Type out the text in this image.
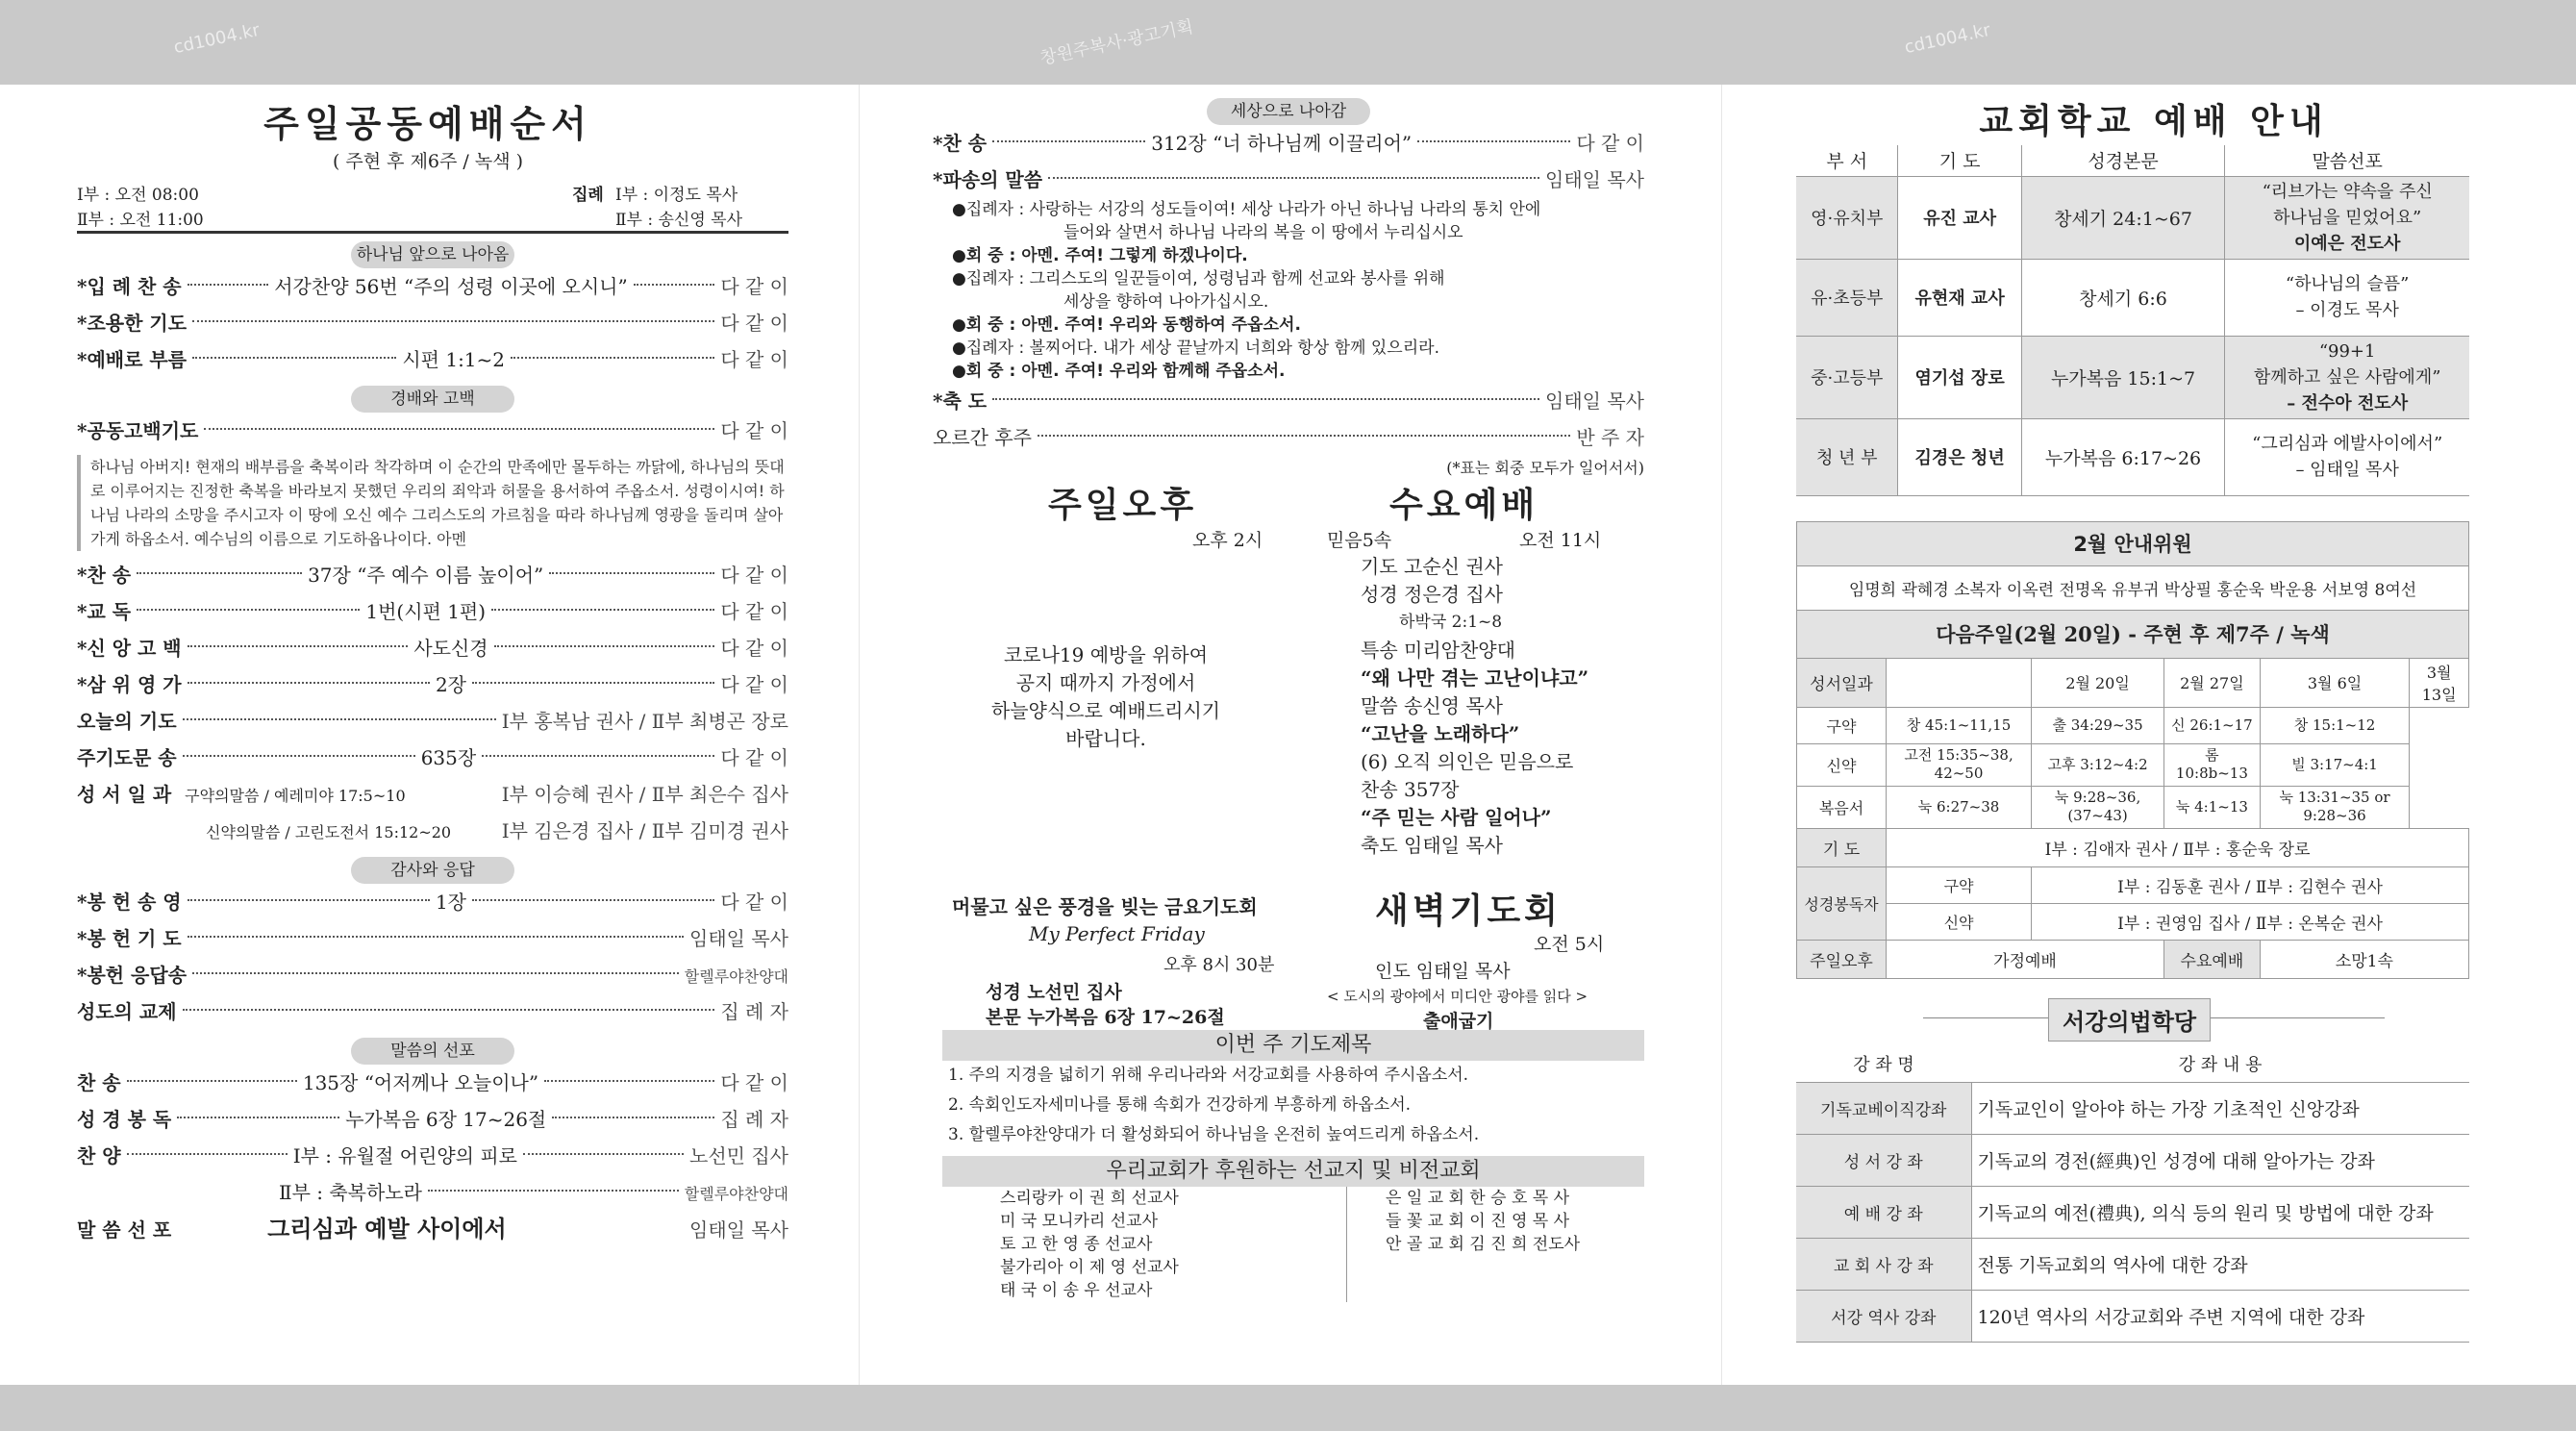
cd1004.kr	창원주복사·광고기획	cd1004.kr
주일공동예배순서
( 주현 후 제6주 / 녹색 )
Ⅰ부 : 오전 08:00
Ⅱ부 : 오전 11:00
집례 Ⅰ부 : 이정도 목사
Ⅱ부 : 송신영 목사
하나님 앞으로 나아옴
*입 례 찬 송	서강찬양 56번 “주의 성령 이곳에 오시니”	다 같 이
*조용한 기도	다 같 이
*예배로 부름	시편 1:1~2	다 같 이
경배와 고백
*공동고백기도	다 같 이
하나님 아버지! 현재의 배부름을 축복이라 착각하며 이 순간의 만족에만 몰두하는 까닭에, 하나님의 뜻대로 이루어지는 진정한 축복을 바라보지 못했던 우리의 죄악과 허물을 용서하여 주옵소서. 성령이시여! 하나님 나라의 소망을 주시고자 이 땅에 오신 예수 그리스도의 가르침을 따라 하나님께 영광을 돌리며 살아가게 하옵소서. 예수님의 이름으로 기도하옵나이다. 아멘
*찬 송	37장 “주 예수 이름 높이어”	다 같 이
*교 독	1번(시편 1편)	다 같 이
*신 앙 고 백	사도신경	다 같 이
*삼 위 영 가	2장	다 같 이
오늘의 기도	Ⅰ부 홍복남 권사 / Ⅱ부 최병곤 장로
주기도문 송	635장	다 같 이
성 서 일 과 구약의말씀 / 예레미야 17:5~10	Ⅰ부 이승혜 권사 / Ⅱ부 최은수 집사
신약의말씀 / 고린도전서 15:12~20	Ⅰ부 김은경 집사 / Ⅱ부 김미경 권사
감사와 응답
*봉 헌 송 영	1장	다 같 이
*봉 헌 기 도	임태일 목사
*봉헌 응답송	할렐루야찬양대
성도의 교제	집 례 자
말씀의 선포
찬 송	135장 “어저께나 오늘이나”	다 같 이
성 경 봉 독	누가복음 6장 17~26절	집 례 자
찬 양	Ⅰ부 : 유월절 어린양의 피로	노선민 집사
Ⅱ부 : 축복하노라	할렐루야찬양대
말 씀 선 포	그리심과 예발 사이에서	임태일 목사
세상으로 나아감
*찬 송	312장 “너 하나님께 이끌리어”	다 같 이
*파송의 말씀	임태일 목사
●집례자 : 사랑하는 서강의 성도들이여! 세상 나라가 아닌 하나님 나라의 통치 안에
들어와 살면서 하나님 나라의 복을 이 땅에서 누리십시오
●회 중 : 아멘. 주여! 그렇게 하겠나이다.
●집례자 : 그리스도의 일꾼들이여, 성령님과 함께 선교와 봉사를 위해
세상을 향하여 나아가십시오.
●회 중 : 아멘. 주여! 우리와 동행하여 주옵소서.
●집례자 : 볼찌어다. 내가 세상 끝날까지 너희와 항상 함께 있으리라.
●회 중 : 아멘. 주여! 우리와 함께해 주옵소서.
*축 도	임태일 목사
오르간 후주	반 주 자
(*표는 회중 모두가 일어서서)
주일오후
오후 2시
코로나19 예방을 위하여
공지 때까지 가정에서
하늘양식으로 예배드리시기
바랍니다.
수요예배
믿음5속	오전 11시
기도 고순신 권사
성경 정은경 집사
하박국 2:1~8
특송 미리암찬양대
“왜 나만 겪는 고난이냐고”
말씀 송신영 목사
“고난을 노래하다”
(6) 오직 의인은 믿음으로
찬송 357장
“주 믿는 사람 일어나”
축도 임태일 목사
머물고 싶은 풍경을 빚는 금요기도회
My Perfect Friday
오후 8시 30분
성경 노선민 집사
본문 누가복음 6장 17~26절
새벽기도회
오전 5시
인도 임태일 목사
< 도시의 광야에서 미디안 광야를 읽다 >
출애굽기
이번 주 기도제목
1. 주의 지경을 넓히기 위해 우리나라와 서강교회를 사용하여 주시옵소서.
2. 속회인도자세미나를 통해 속회가 건강하게 부흥하게 하옵소서.
3. 할렐루야찬양대가 더 활성화되어 하나님을 온전히 높여드리게 하옵소서.
우리교회가 후원하는 선교지 및 비전교회
스리랑카 이 권 희 선교사
미 국 모니카리 선교사
토 고 한 영 종 선교사
불가리아 이 제 영 선교사
태 국 이 송 우 선교사
은 일 교 회 한 승 호 목 사
들 꽃 교 회 이 진 영 목 사
안 골 교 회 김 진 희 전도사
교회학교 예배 안내
부 서	기 도	성경본문	말씀선포
영·유치부	유진 교사	창세기 24:1~67	“리브가는 약속을 주신
하나님을 믿었어요”
이예은 전도사

유·초등부	유현재 교사	창세기 6:6	“하나님의 슬픔”
– 이경도 목사

중·고등부	염기섭 장로	누가복음 15:1~7	“99+1
함께하고 싶은 사람에게”
– 전수아 전도사

청 년 부	김경은 청년	누가복음 6:17~26	“그리심과 에발사이에서”
– 임태일 목사
2월 안내위원					
임명희 곽혜경 소복자 이옥련 전명옥 유부귀 박상필 홍순욱 박운용 서보영 8여선					
다음주일(2월 20일) - 주현 후 제7주 / 녹색					
성서일과		2월 20일	2월 27일	3월 6일	3월 13일
구약	창 45:1~11,15	출 34:29~35	신 26:1~17	창 15:1~12	
신약	고전 15:35~38, 42~50	고후 3:12~4:2	롬 10:8b~13	빌 3:17~4:1	
복음서	눅 6:27~38	눅 9:28~36, (37~43)	눅 4:1~13	눅 13:31~35 or 9:28~36	
기 도	Ⅰ부 : 김애자 권사 / Ⅱ부 : 홍순욱 장로				
성경봉독자	구약	Ⅰ부 : 김동훈 권사 / Ⅱ부 : 김현수 권사			
	신약	Ⅰ부 : 권영임 집사 / Ⅱ부 : 온복순 권사			
주일오후	가정예배		수요예배	소망1속	
서강의법학당
강 좌 명	강 좌 내 용
기독교베이직강좌	기독교인이 알아야 하는 가장 기초적인 신앙강좌
성 서 강 좌	기독교의 경전(經典)인 성경에 대해 알아가는 강좌
예 배 강 좌	기독교의 예전(禮典), 의식 등의 원리 및 방법에 대한 강좌
교 회 사 강 좌	전통 기독교회의 역사에 대한 강좌
서강 역사 강좌	120년 역사의 서강교회와 주변 지역에 대한 강좌
